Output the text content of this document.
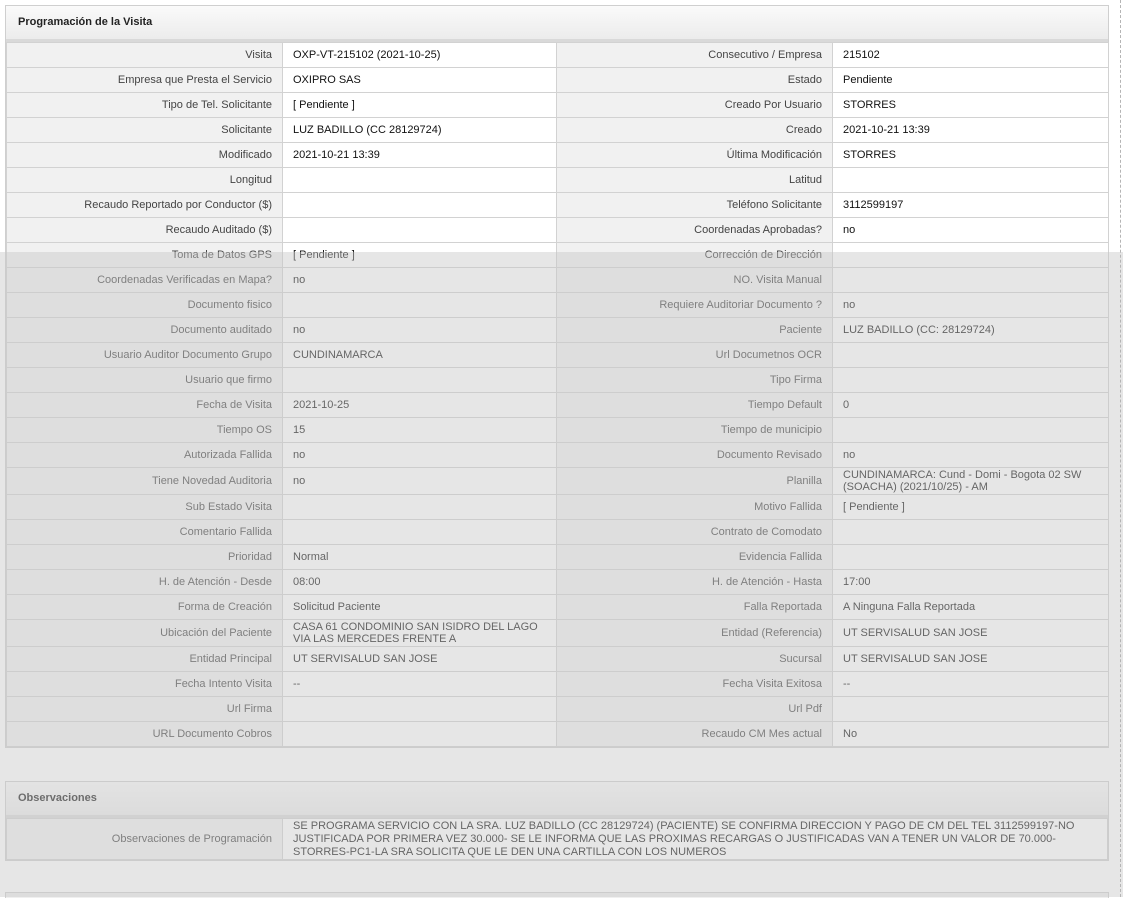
Programación de la Visita
Visita	OXP-VT-215102 (2021-10-25)	Consecutivo / Empresa	215102
Empresa que Presta el Servicio	OXIPRO SAS	Estado	Pendiente
Tipo de Tel. Solicitante	[ Pendiente ]	Creado Por Usuario	STORRES
Solicitante	LUZ BADILLO (CC 28129724)	Creado	2021-10-21 13:39
Modificado	2021-10-21 13:39	Última Modificación	STORRES
Longitud		Latitud	
Recaudo Reportado por Conductor ($)		Teléfono Solicitante	3112599197
Recaudo Auditado ($)		Coordenadas Aprobadas?	no
Toma de Datos GPS	[ Pendiente ]	Corrección de Dirección	
Coordenadas Verificadas en Mapa?	no	NO. Visita Manual	
Documento fisico		Requiere Auditoriar Documento ?	no
Documento auditado	no	Paciente	LUZ BADILLO (CC: 28129724)
Usuario Auditor Documento Grupo	CUNDINAMARCA	Url Documetnos OCR	
Usuario que firmo		Tipo Firma	
Fecha de Visita	2021-10-25	Tiempo Default	0
Tiempo OS	15	Tiempo de municipio	
Autorizada Fallida	no	Documento Revisado	no
Tiene Novedad Auditoria	no	Planilla	CUNDINAMARCA: Cund - Domi - Bogota 02 SW (SOACHA) (2021/10/25) - AM
Sub Estado Visita		Motivo Fallida	[ Pendiente ]
Comentario Fallida		Contrato de Comodato	
Prioridad	Normal	Evidencia Fallida	
H. de Atención - Desde	08:00	H. de Atención - Hasta	17:00
Forma de Creación	Solicitud Paciente	Falla Reportada	A Ninguna Falla Reportada
Ubicación del Paciente	CASA 61 CONDOMINIO SAN ISIDRO DEL LAGO VIA LAS MERCEDES FRENTE A	Entidad (Referencia)	UT SERVISALUD SAN JOSE
Entidad Principal	UT SERVISALUD SAN JOSE	Sucursal	UT SERVISALUD SAN JOSE
Fecha Intento Visita	--	Fecha Visita Exitosa	--
Url Firma		Url Pdf	
URL Documento Cobros		Recaudo CM Mes actual	No
Observaciones
Observaciones de Programación	SE PROGRAMA SERVICIO CON LA SRA. LUZ BADILLO (CC 28129724) (PACIENTE) SE CONFIRMA DIRECCION Y PAGO DE CM DEL TEL 3112599197-NO JUSTIFICADA POR PRIMERA VEZ 30.000- SE LE INFORMA QUE LAS PROXIMAS RECARGAS O JUSTIFICADAS VAN A TENER UN VALOR DE 70.000-STORRES-PC1-LA SRA SOLICITA QUE LE DEN UNA CARTILLA CON LOS NUMEROS
